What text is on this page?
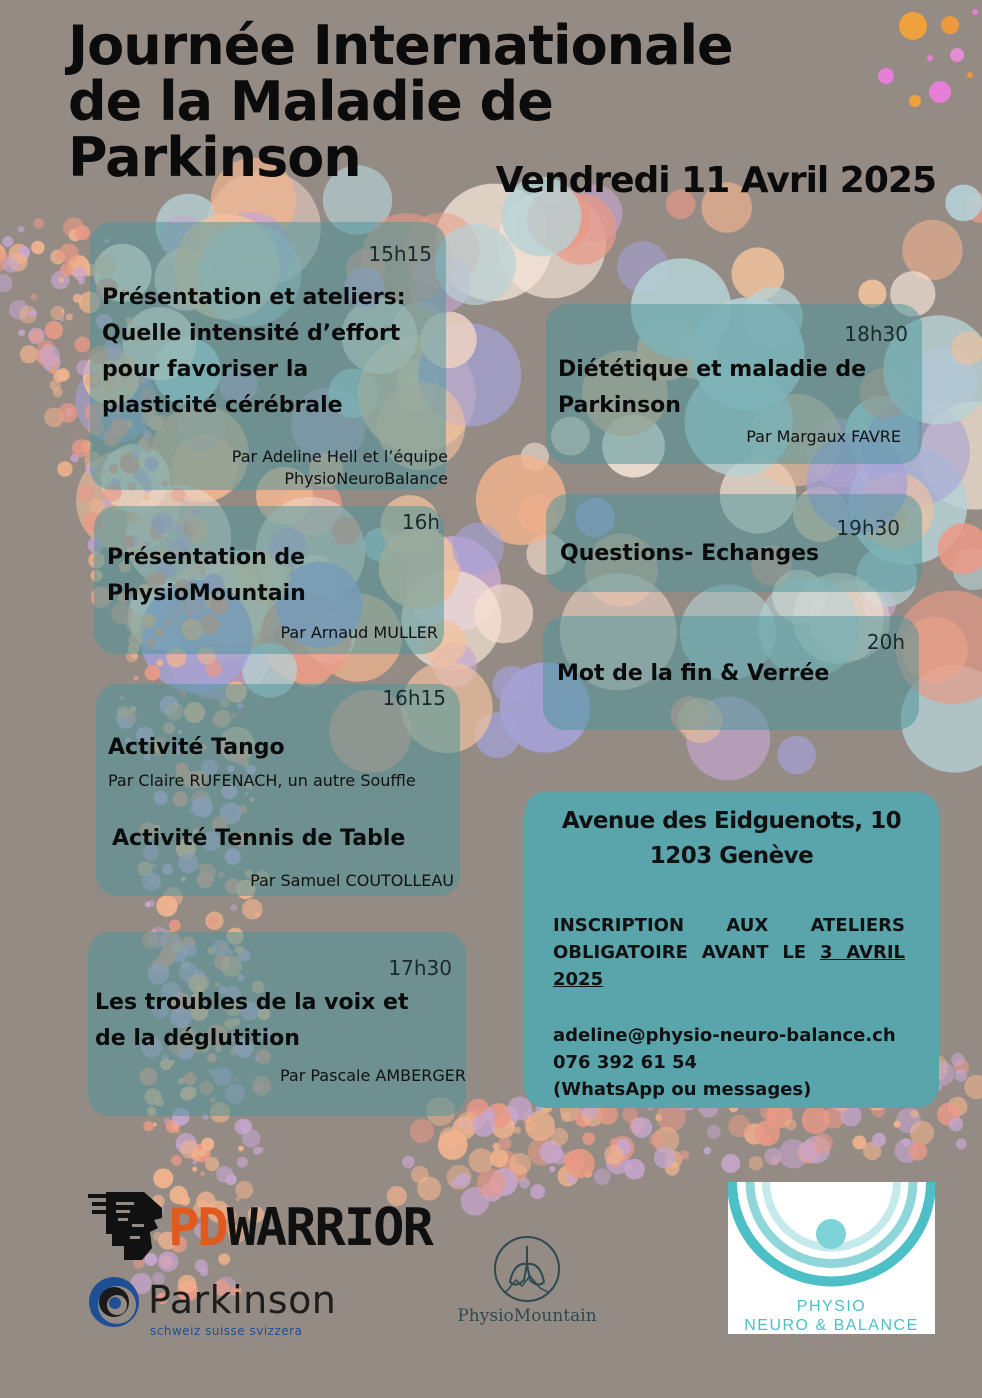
Journée Internationale
de la Maladie de
Parkinson	Vendredi 11 Avril 2025
15h15
Présentation et ateliers:
Quelle intensité d’effort
pour favoriser la
plasticité cérébrale
Par Adeline Hell et l’équipe
PhysioNeuroBalance
16h
Présentation de
PhysioMountain
Par Arnaud MULLER
16h15
Activité Tango
Par Claire RUFENACH, un autre Souffle
Activité Tennis de Table
Par Samuel COUTOLLEAU
17h30
Les troubles de la voix et
de la déglutition
Par Pascale AMBERGER
18h30
Diététique et maladie de
Parkinson
Par Margaux FAVRE
19h30
Questions- Echanges
20h
Mot de la fin & Verrée
Avenue des Eidguenots, 10
1203 Genève
INSCRIPTION AUX ATELIERS OBLIGATOIRE AVANT LE 3 AVRIL 2025
adeline@physio-neuro-balance.ch
076 392 61 54
(WhatsApp ou messages)
PDWARRIOR
Parkinson
schweiz suisse svizzera
PhysioMountain	PHYSIO
NEURO & BALANCE
